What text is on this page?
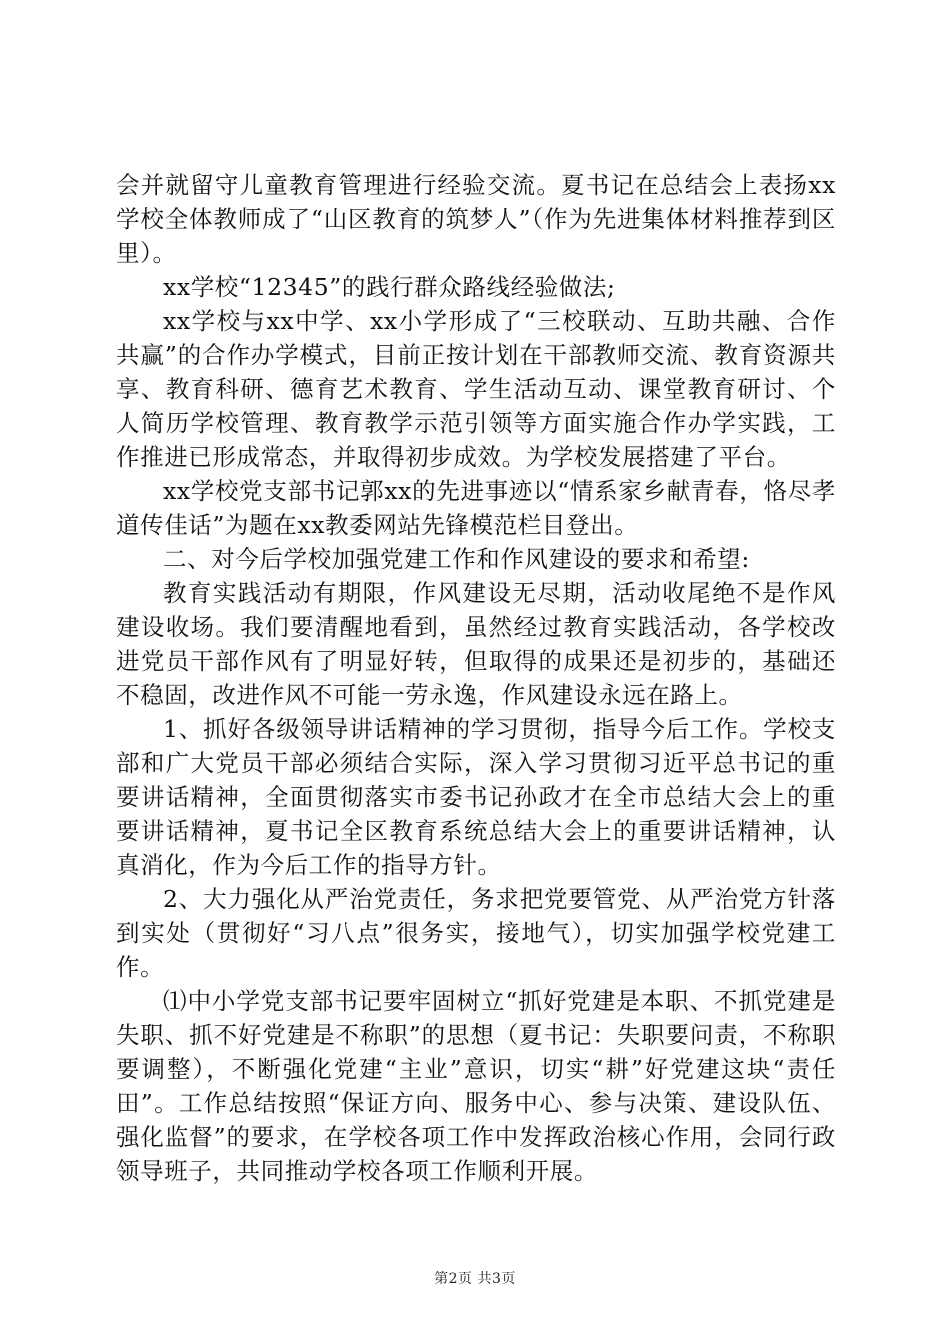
会并就留守儿童教育管理进行经验交流。夏书记在总结会上表扬xx学校全体教师成了“山区教育的筑梦人”（作为先进集体材料推荐到区里）。

xx学校“12345”的践行群众路线经验做法;

xx学校与xx中学、xx小学形成了“三校联动、互助共融、合作共赢”的合作办学模式，目前正按计划在干部教师交流、教育资源共享、教育科研、德育艺术教育、学生活动互动、课堂教育研讨、个人简历学校管理、教育教学示范引领等方面实施合作办学实践，工作推进已形成常态，并取得初步成效。为学校发展搭建了平台。

xx学校党支部书记郭xx的先进事迹以“情系家乡献青春，恪尽孝道传佳话”为题在xx教委网站先锋模范栏目登出。

二、对今后学校加强党建工作和作风建设的要求和希望:

教育实践活动有期限，作风建设无尽期，活动收尾绝不是作风建设收场。我们要清醒地看到，虽然经过教育实践活动，各学校改进党员干部作风有了明显好转，但取得的成果还是初步的，基础还不稳固，改进作风不可能一劳永逸，作风建设永远在路上。

1、抓好各级领导讲话精神的学习贯彻，指导今后工作。学校支部和广大党员干部必须结合实际，深入学习贯彻习近平总书记的重要讲话精神，全面贯彻落实市委书记孙政才在全市总结大会上的重要讲话精神，夏书记全区教育系统总结大会上的重要讲话精神，认真消化，作为今后工作的指导方针。

2、大力强化从严治党责任，务求把党要管党、从严治党方针落到实处（贯彻好“习八点”很务实，接地气），切实加强学校党建工作。

⑴中小学党支部书记要牢固树立“抓好党建是本职、不抓党建是失职、抓不好党建是不称职”的思想（夏书记：失职要问责，不称职要调整），不断强化党建“主业”意识，切实“耕”好党建这块“责任田”。工作总结按照“保证方向、服务中心、参与决策、建设队伍、强化监督”的要求，在学校各项工作中发挥政治核心作用，会同行政领导班子，共同推动学校各项工作顺利开展。

第2页 共3页
